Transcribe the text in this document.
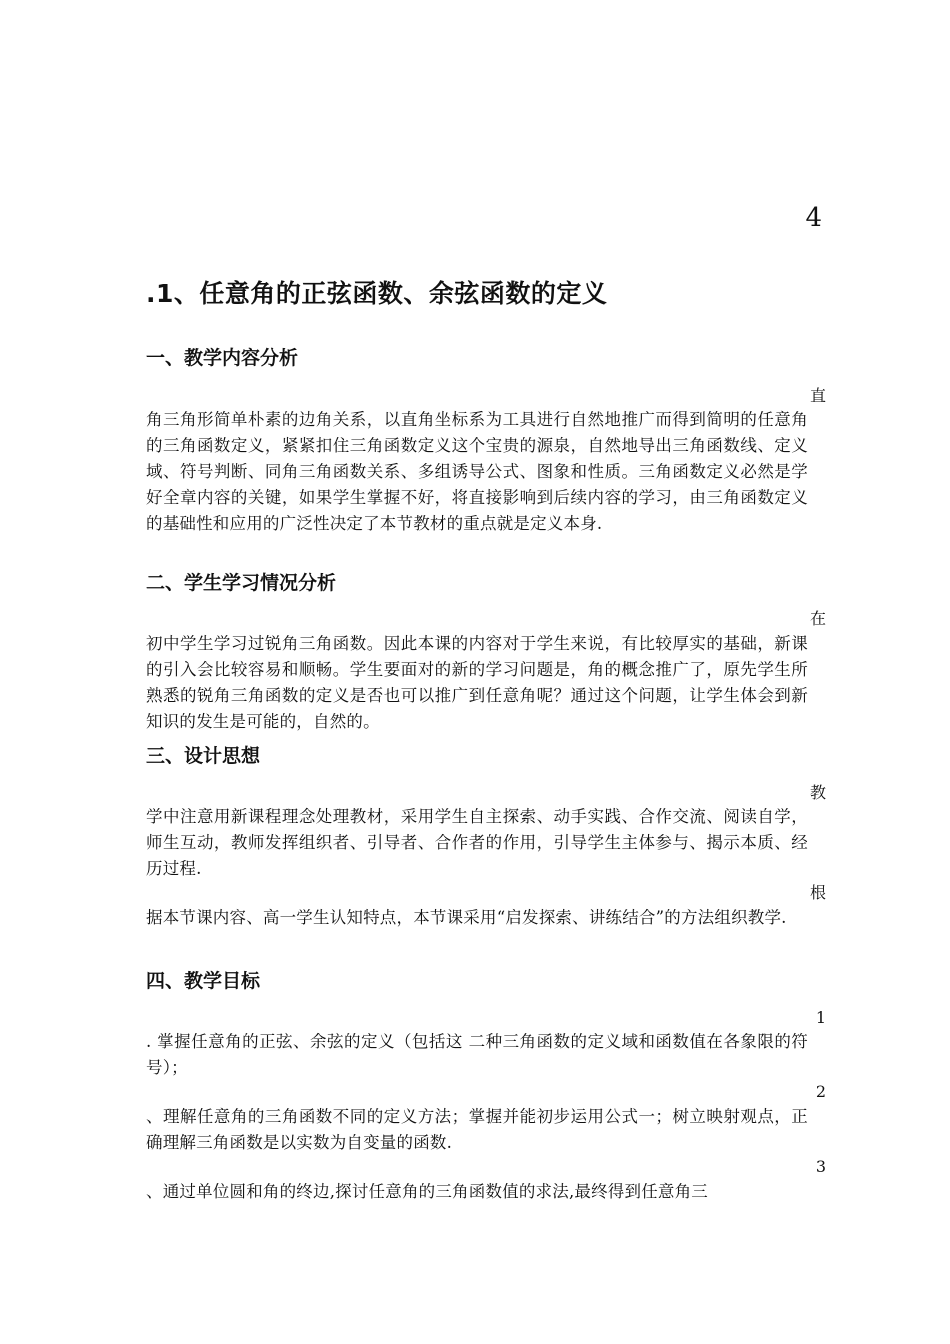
4
.1、任意角的正弦函数、余弦函数的定义
一、教学内容分析
直
角三角形简单朴素的边角关系，以直角坐标系为工具进行自然地推广而得到简明的任意角的三角函数定义，紧紧扣住三角函数定义这个宝贵的源泉，自然地导出三角函数线、定义域、符号判断、同角三角函数关系、多组诱导公式、图象和性质。三角函数定义必然是学好全章内容的关键，如果学生掌握不好，将直接影响到后续内容的学习，由三角函数定义的基础性和应用的广泛性决定了本节教材的重点就是定义本身.
二、学生学习情况分析
在
初中学生学习过锐角三角函数。因此本课的内容对于学生来说，有比较厚实的基础，新课的引入会比较容易和顺畅。学生要面对的新的学习问题是，角的概念推广了，原先学生所熟悉的锐角三角函数的定义是否也可以推广到任意角呢？通过这个问题，让学生体会到新知识的发生是可能的，自然的。
三、设计思想
教
学中注意用新课程理念处理教材，采用学生自主探索、动手实践、合作交流、阅读自学，师生互动，教师发挥组织者、引导者、合作者的作用，引导学生主体参与、揭示本质、经历过程.
根
据本节课内容、高一学生认知特点，本节课采用“启发探索、讲练结合”的方法组织教学.
四、教学目标
1
. 掌握任意角的正弦、余弦的定义（包括这 二种三角函数的定义域和函数值在各象限的符号）；
2
、理解任意角的三角函数不同的定义方法；掌握并能初步运用公式一；树立映射观点，正确理解三角函数是以实数为自变量的函数.
3
、通过单位圆和角的终边,探讨任意角的三角函数值的求法,最终得到任意角三
